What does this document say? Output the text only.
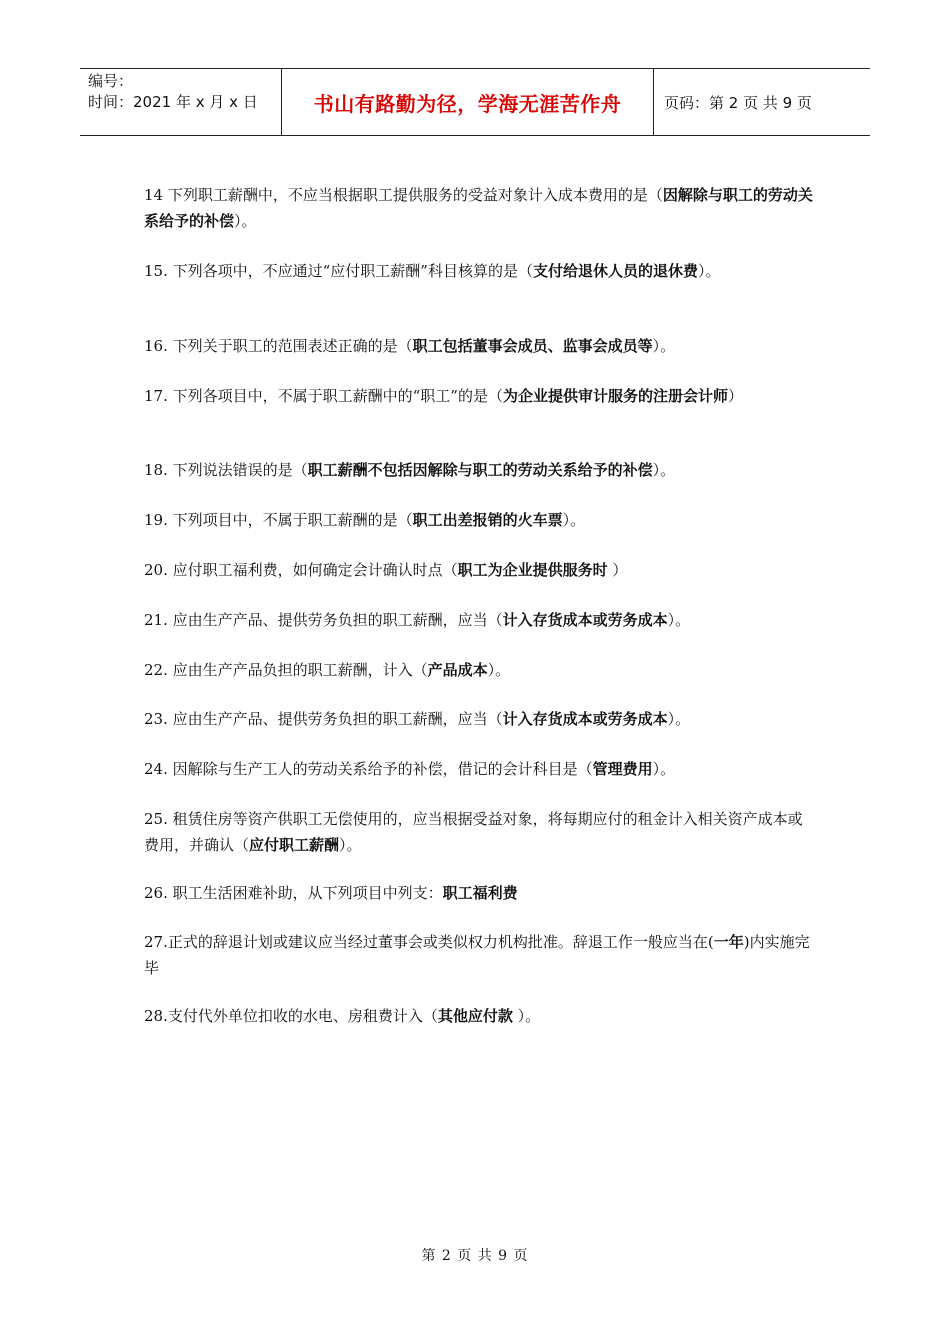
编号：
时间：2021 年 x 月 x 日	书山有路勤为径，学海无涯苦作舟	页码：第 2 页 共 9 页

14 下列职工薪酬中，不应当根据职工提供服务的受益对象计入成本费用的是（因解除与职工的劳动关系给予的补偿）。

15. 下列各项中，不应通过“应付职工薪酬”科目核算的是（支付给退休人员的退休费）。

16. 下列关于职工的范围表述正确的是（职工包括董事会成员、监事会成员等）。

17. 下列各项目中，不属于职工薪酬中的“职工”的是（为企业提供审计服务的注册会计师）

18. 下列说法错误的是（职工薪酬不包括因解除与职工的劳动关系给予的补偿）。

19. 下列项目中，不属于职工薪酬的是（职工出差报销的火车票）。

20. 应付职工福利费，如何确定会计确认时点（职工为企业提供服务时 ）

21. 应由生产产品、提供劳务负担的职工薪酬，应当（计入存货成本或劳务成本）。

22. 应由生产产品负担的职工薪酬，计入（产品成本）。

23. 应由生产产品、提供劳务负担的职工薪酬，应当（计入存货成本或劳务成本）。

24. 因解除与生产工人的劳动关系给予的补偿，借记的会计科目是（管理费用）。

25. 租赁住房等资产供职工无偿使用的，应当根据受益对象，将每期应付的租金计入相关资产成本或费用，并确认（应付职工薪酬）。

26. 职工生活困难补助，从下列项目中列支：职工福利费

27.正式的辞退计划或建议应当经过董事会或类似权力机构批准。辞退工作一般应当在(一年)内实施完毕

28.支付代外单位扣收的水电、房租费计入（其他应付款 ）。

第 2 页 共 9 页
